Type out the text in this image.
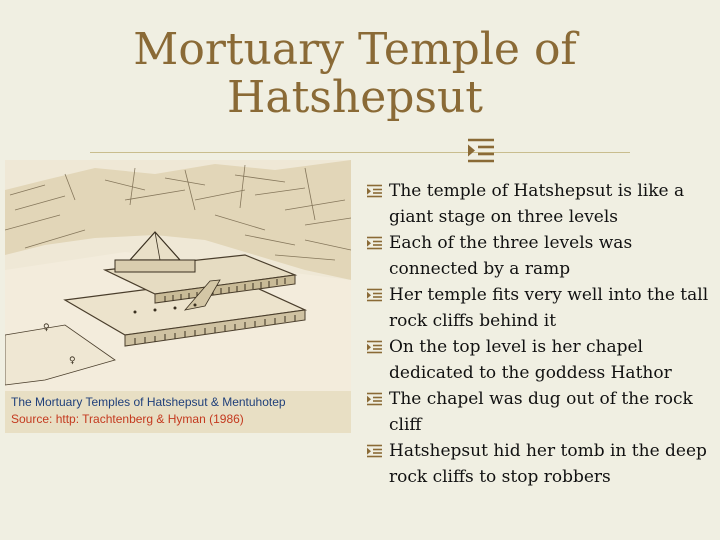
Mortuary Temple of Hatshepsut
♀
♀
The Mortuary Temples of Hatshepsut & Mentuhotep
Source: http: Trachtenberg & Hyman (1986)
The temple of Hatshepsut is like a giant stage on three levels
Each of the three levels was connected by a ramp
Her temple fits very well into the tall rock cliffs behind it
On the top level is her chapel dedicated to the goddess Hathor
The chapel was dug out of the rock cliff
Hatshepsut hid her tomb in the deep rock cliffs to stop robbers
